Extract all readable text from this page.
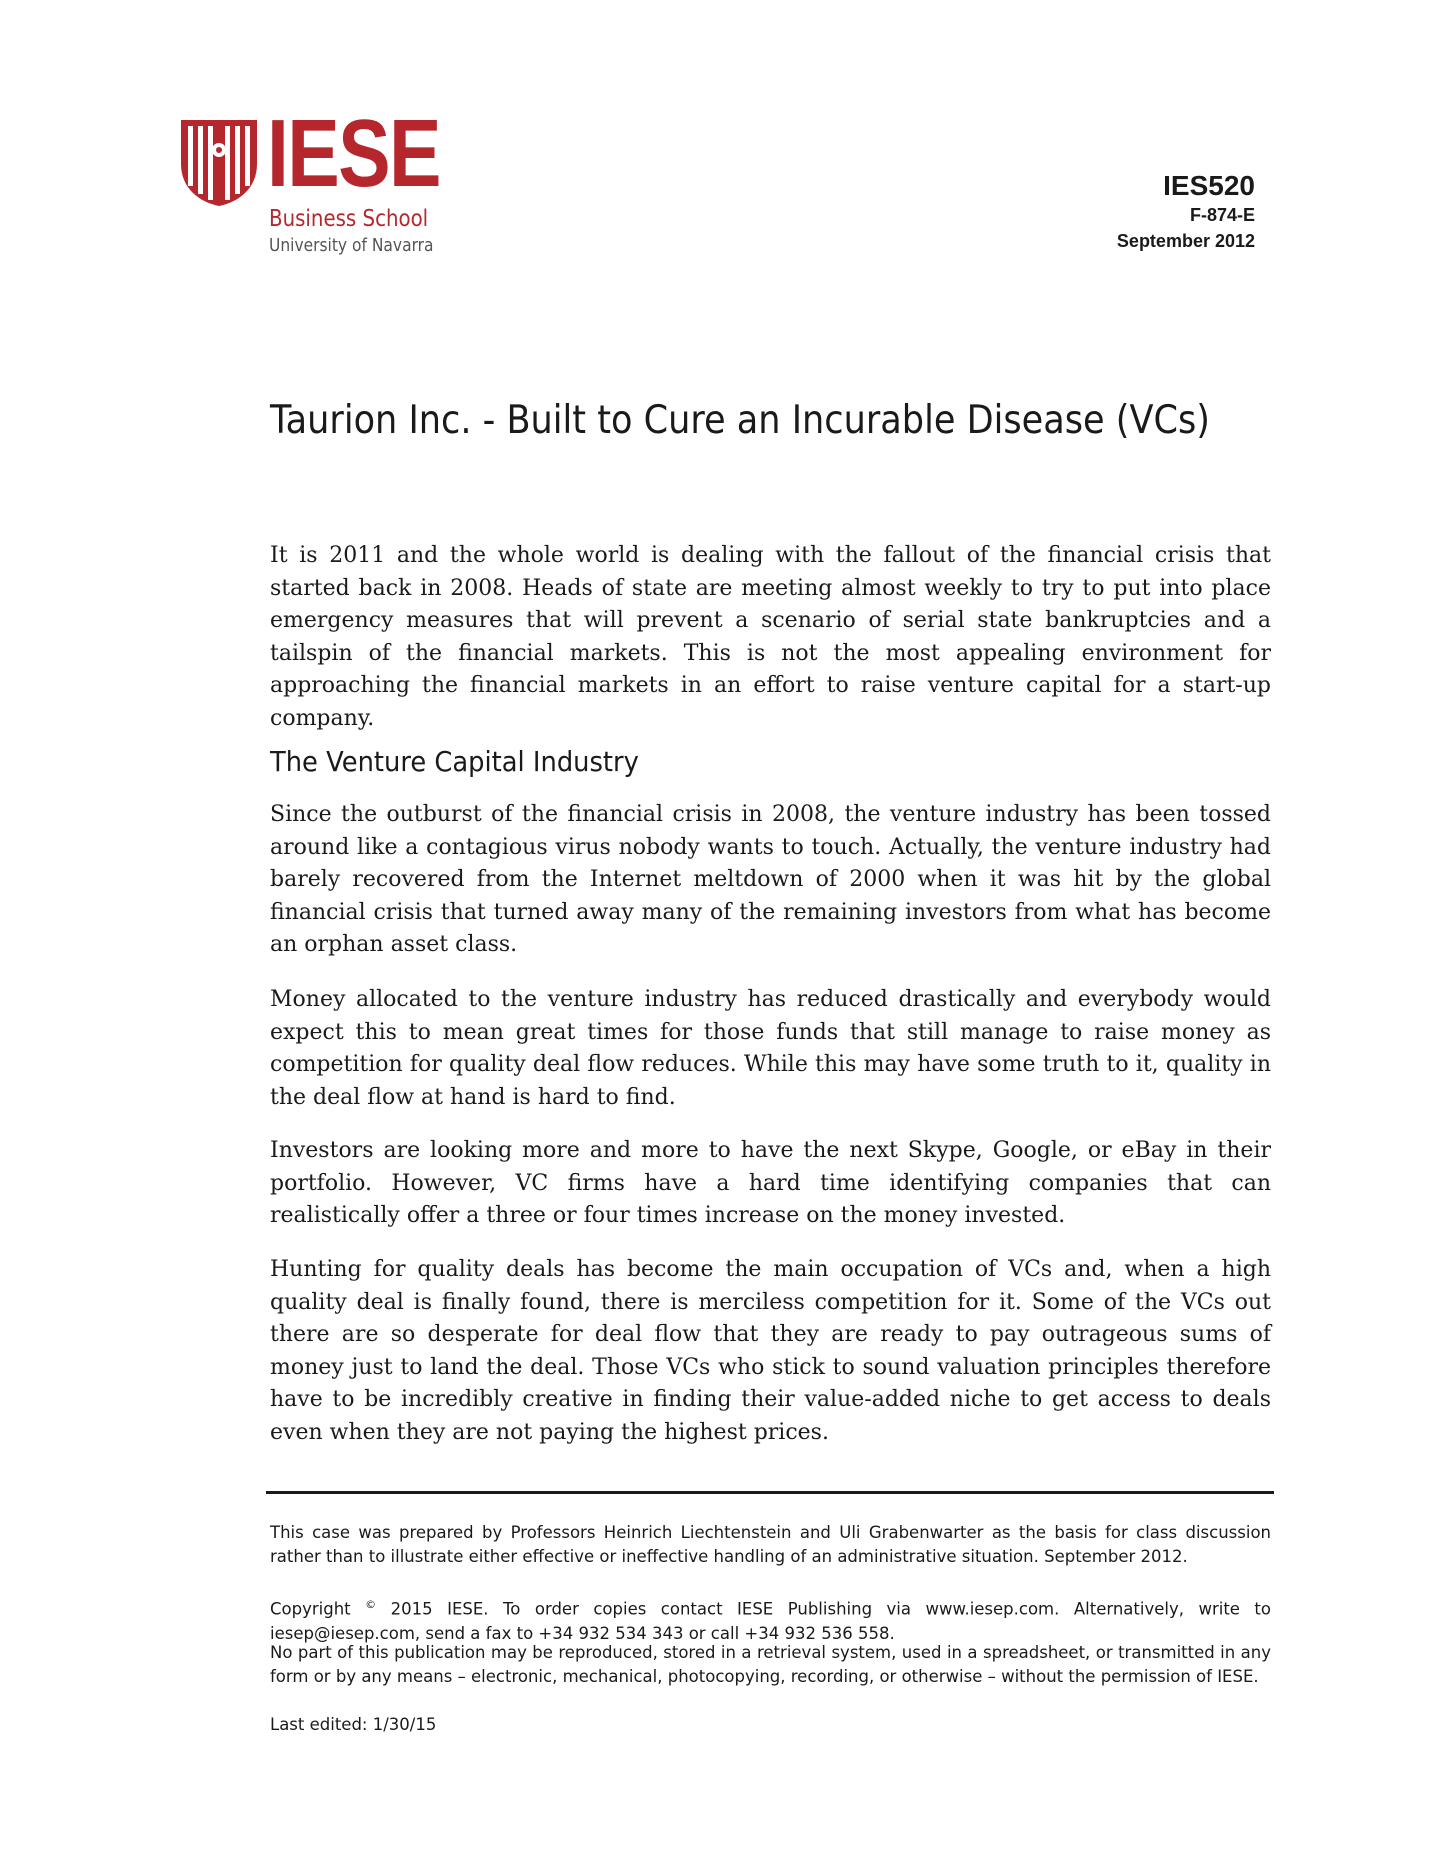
IESE
Business School
University of Navarra
IES520
F-874-E
September 2012
Taurion Inc. - Built to Cure an Incurable Disease (VCs)

It is 2011 and the whole world is dealing with the fallout of the financial crisis that started back in 2008. Heads of state are meeting almost weekly to try to put into place emergency measures that will prevent a scenario of serial state bankruptcies and a tailspin of the financial markets. This is not the most appealing environment for approaching the financial markets in an effort to raise venture capital for a start-up company.

The Venture Capital Industry

Since the outburst of the financial crisis in 2008, the venture industry has been tossed around like a contagious virus nobody wants to touch. Actually, the venture industry had barely recovered from the Internet meltdown of 2000 when it was hit by the global financial crisis that turned away many of the remaining investors from what has become an orphan asset class.

Money allocated to the venture industry has reduced drastically and everybody would expect this to mean great times for those funds that still manage to raise money as competition for quality deal flow reduces. While this may have some truth to it, quality in the deal flow at hand is hard to find.

Investors are looking more and more to have the next Skype, Google, or eBay in their portfolio. However, VC firms have a hard time identifying companies that can realistically offer a three or four times increase on the money invested.

Hunting for quality deals has become the main occupation of VCs and, when a high quality deal is finally found, there is merciless competition for it. Some of the VCs out there are so desperate for deal flow that they are ready to pay outrageous sums of money just to land the deal. Those VCs who stick to sound valuation principles therefore have to be incredibly creative in finding their value-added niche to get access to deals even when they are not paying the highest prices.

This case was prepared by Professors Heinrich Liechtenstein and Uli Grabenwarter as the basis for class discussion rather than to illustrate either effective or ineffective handling of an administrative situation. September 2012.

Copyright © 2015 IESE. To order copies contact IESE Publishing via www.iesep.com. Alternatively, write to iesep@iesep.com, send a fax to +34 932 534 343 or call +34 932 536 558.

No part of this publication may be reproduced, stored in a retrieval system, used in a spreadsheet, or transmitted in any form or by any means – electronic, mechanical, photocopying, recording, or otherwise – without the permission of IESE.

Last edited: 1/30/15
